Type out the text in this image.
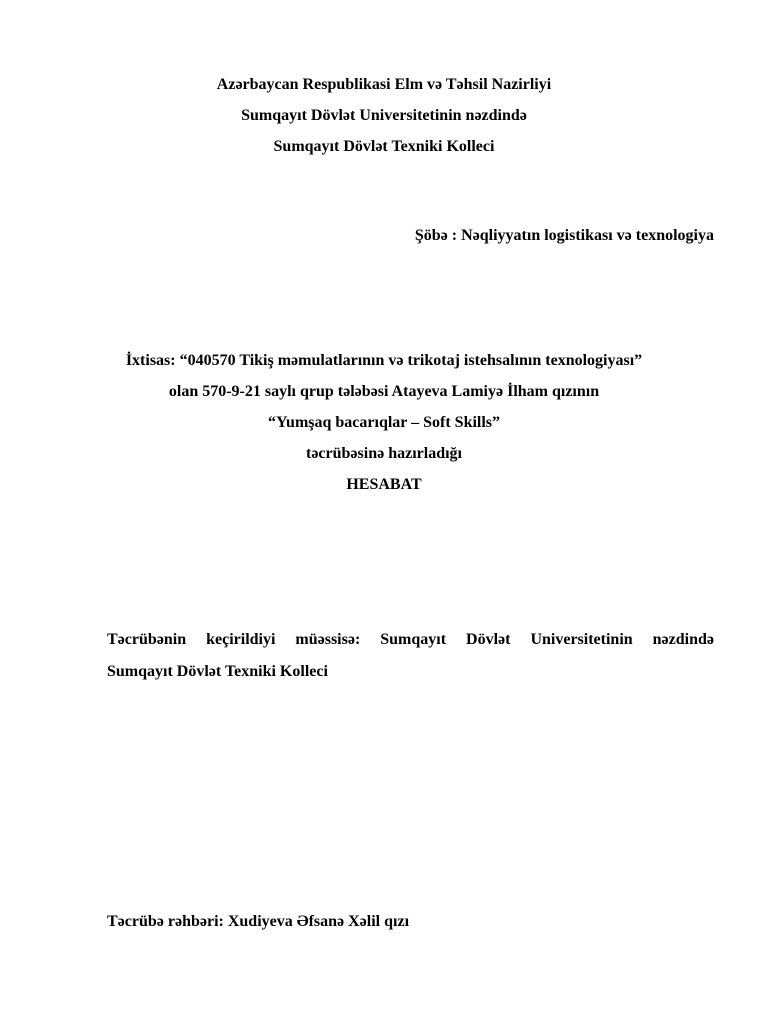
Azərbaycan Respublikasi Elm və Təhsil Nazirliyi
Sumqayıt Dövlət Universitetinin nəzdində
Sumqayıt Dövlət Texniki Kolleci
Şöbə : Nəqliyyatın logistikası və texnologiya
İxtisas: “040570 Tikiş məmulatlarının və trikotaj istehsalının texnologiyası”
olan 570-9-21 saylı qrup tələbəsi Atayeva Lamiyə İlham qızının
“Yumşaq bacarıqlar – Soft Skills”
təcrübəsinə hazırladığı
HESABAT
Təcrübənin keçirildiyi müəssisə: Sumqayıt Dövlət Universitetinin nəzdində
Sumqayıt Dövlət Texniki Kolleci
Təcrübə rəhbəri: Xudiyeva Əfsanə Xəlil qızı
